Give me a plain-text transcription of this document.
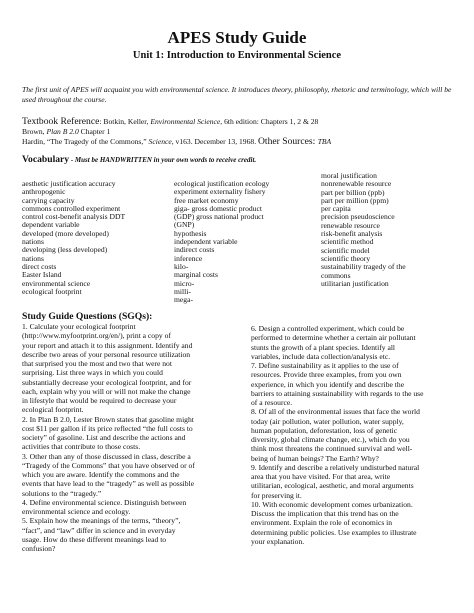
APES Study Guide
Unit 1: Introduction to Environmental Science
The first unit of APES will acquaint you with environmental science. It introduces theory, philosophy, rhetoric and terminology, which will be used throughout the course.
Textbook Reference: Botkin, Keller, Environmental Science, 6th edition: Chapters 1, 2 & 28
Brown, Plan B 2.0 Chapter 1
Hardin, “The Tragedy of the Commons,” Science, v163. December 13, 1968. Other Sources: TBA
Vocabulary - Must be HANDWRITTEN in your own words to receive credit.
aesthetic justification accuracy
anthropogenic
carrying capacity
commons controlled experiment
control cost-benefit analysis DDT
dependent variable
developed (more developed)
nations
developing (less developed)
nations
direct costs
Easter Island
environmental science
ecological footprint
ecological justification ecology
experiment externality fishery
free market economy
giga- gross domestic product
(GDP) gross national product
(GNP)
hypothesis
independent variable
indirect costs
inference
kilo-
marginal costs
micro-
milli-
mega-
moral justification
nonrenewable resource
part per billion (ppb)
part per million (ppm)
per capita
precision pseudoscience
renewable resource
risk-benefit analysis
scientific method
scientific model
scientific theory
sustainability tragedy of the
commons
utilitarian justification
Study Guide Questions (SGQs):
1. Calculate your ecological footprint
(http://www.myfootprint.org/en/), print a copy of
your report and attach it to this assignment. Identify and
describe two areas of your personal resource utilization
that surprised you the most and two that were not
surprising. List three ways in which you could
substantially decrease your ecological footprint, and for
each, explain why you will or will not make the change
in lifestyle that would be required to decrease your
ecological footprint.
2. In Plan B 2.0, Lester Brown states that gasoline might
cost $11 per gallon if its price reflected “the full costs to
society” of gasoline. List and describe the actions and
activities that contribute to those costs.
3. Other than any of those discussed in class, describe a
“Tragedy of the Commons” that you have observed or of
which you are aware. Identify the commons and the
events that have lead to the “tragedy” as well as possible
solutions to the “tragedy.”
4. Define environmental science. Distinguish between
environmental science and ecology.
5. Explain how the meanings of the terms, “theory”,
“fact”, and “law” differ in science and in everyday
usage. How do these different meanings lead to
confusion?
6. Design a controlled experiment, which could be
performed to determine whether a certain air pollutant
stunts the growth of a plant species. Identify all
variables, include data collection/analysis etc.
7. Define sustainability as it applies to the use of
resources. Provide three examples, from you own
experience, in which you identify and describe the
barriers to attaining sustainability with regards to the use
of a resource.
8. Of all of the environmental issues that face the world
today (air pollution, water pollution, water supply,
human population, deforestation, loss of genetic
diversity, global climate change, etc.), which do you
think most threatens the continued survival and well-
being of human beings? The Earth? Why?
9. Identify and describe a relatively undisturbed natural
area that you have visited. For that area, write
utilitarian, ecological, aesthetic, and moral arguments
for preserving it.
10. With economic development comes urbanization.
Discuss the implication that this trend has on the
environment. Explain the role of economics in
determining public policies. Use examples to illustrate
your explanation.
